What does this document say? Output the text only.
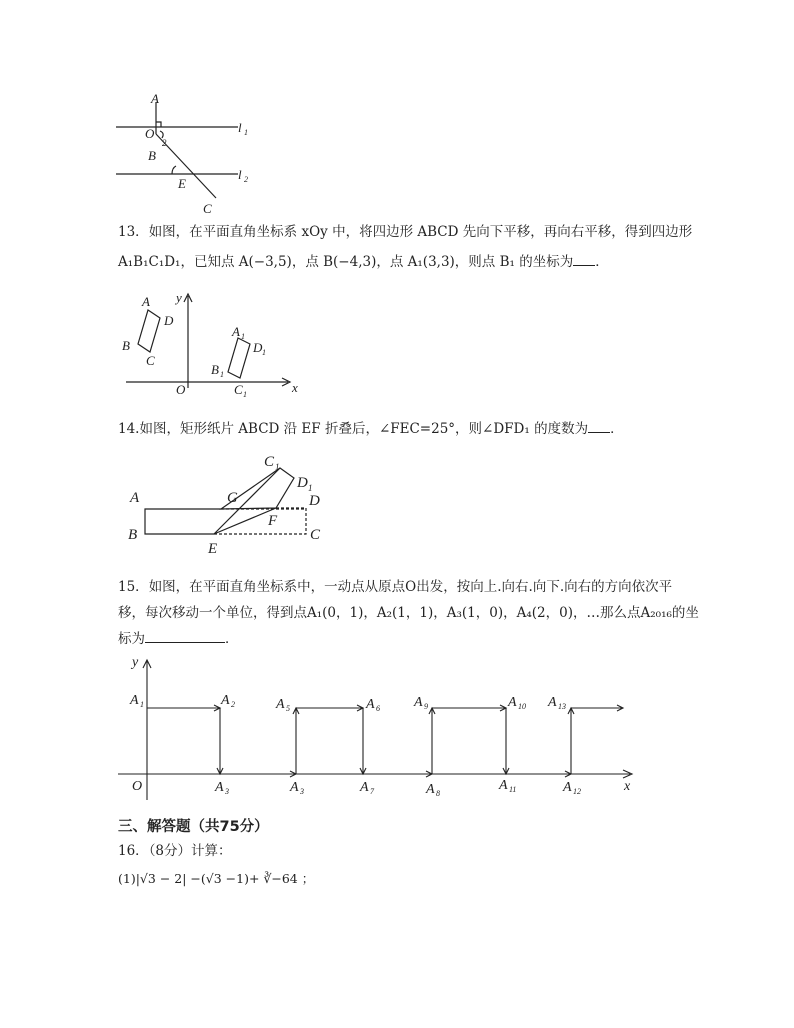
A
O
2
B
E
C
l 1
l 2
13．如图，在平面直角坐标系 xOy 中，将四边形 ABCD 先向下平移，再向右平移，得到四边形
A₁B₁C₁D₁，已知点 A(−3,5)，点 B(−4,3)，点 A₁(3,3)，则点 B₁ 的坐标为 ．
A
D
B
C
O	x
y
A 1
D 1
B 1
C 1
14.如图，矩形纸片 ABCD 沿 EF 折叠后，∠FEC=25°，则∠DFD₁ 的度数为 ．
A
B
E
C
D
F
G
C 1
D 1
15．如图，在平面直角坐标系中，一动点从原点O出发，按向上.向右.向下.向右的方向依次平
移，每次移动一个单位，得到点A₁(0，1)，A₂(1，1)，A₃(1，0)，A₄(2，0)，…那么点A₂₀₁₆的坐
标为	．
y
x
O
A 1	A 2
A 3	A 3
A 5	A 6
A 7	A 8
A 9	A 10
A 11	A 12
A 13
三、解答题（共75分）
16．（8分）计算：
(1)|√3 − 2| −(√3 −1)+ ∛−64 ；
